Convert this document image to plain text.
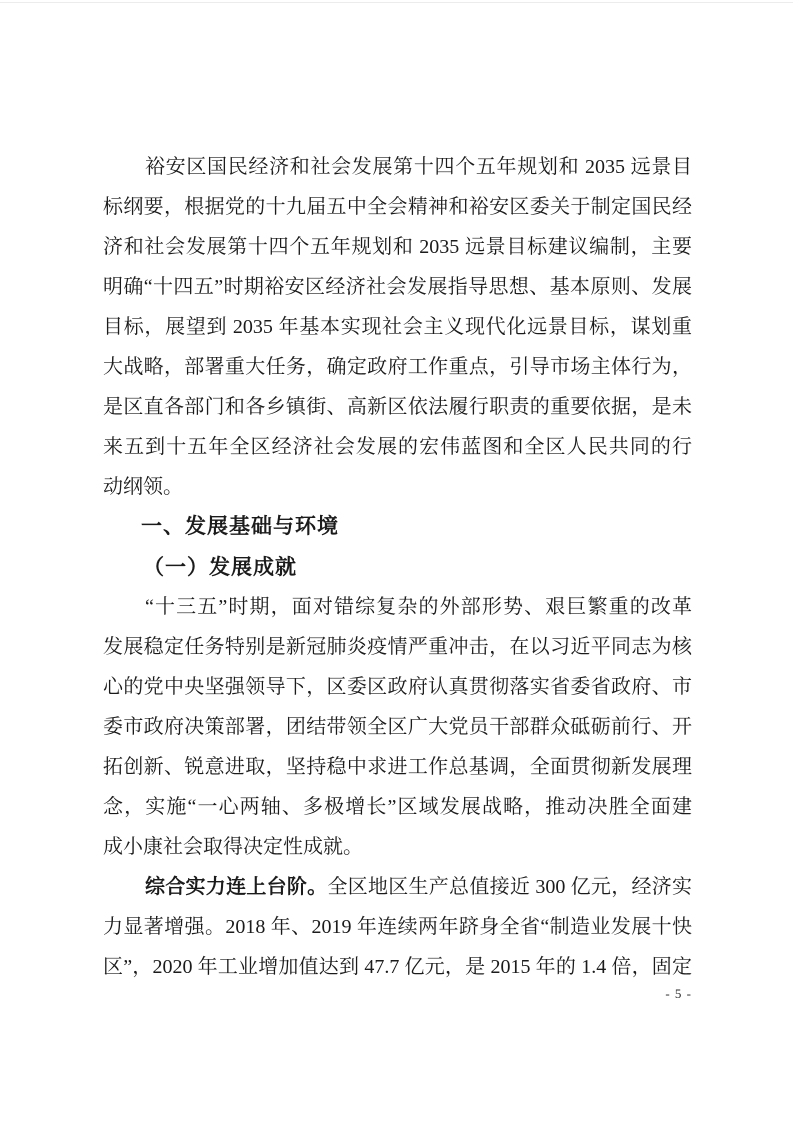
裕安区国民经济和社会发展第十四个五年规划和 2035 远景目
标纲要，根据党的十九届五中全会精神和裕安区委关于制定国民经
济和社会发展第十四个五年规划和 2035 远景目标建议编制，主要
明确“十四五”时期裕安区经济社会发展指导思想、基本原则、发展
目标，展望到 2035 年基本实现社会主义现代化远景目标，谋划重
大战略，部署重大任务，确定政府工作重点，引导市场主体行为，
是区直各部门和各乡镇街、高新区依法履行职责的重要依据，是未
来五到十五年全区经济社会发展的宏伟蓝图和全区人民共同的行
动纲领。
一、发展基础与环境
（一）发展成就
“十三五”时期，面对错综复杂的外部形势、艰巨繁重的改革
发展稳定任务特别是新冠肺炎疫情严重冲击，在以习近平同志为核
心的党中央坚强领导下，区委区政府认真贯彻落实省委省政府、市
委市政府决策部署，团结带领全区广大党员干部群众砥砺前行、开
拓创新、锐意进取，坚持稳中求进工作总基调，全面贯彻新发展理
念，实施“一心两轴、多极增长”区域发展战略，推动决胜全面建
成小康社会取得决定性成就。
综合实力连上台阶。全区地区生产总值接近 300 亿元，经济实
力显著增强。2018 年、2019 年连续两年跻身全省“制造业发展十快
区”，2020 年工业增加值达到 47.7 亿元，是 2015 年的 1.4 倍，固定
- 5 -
